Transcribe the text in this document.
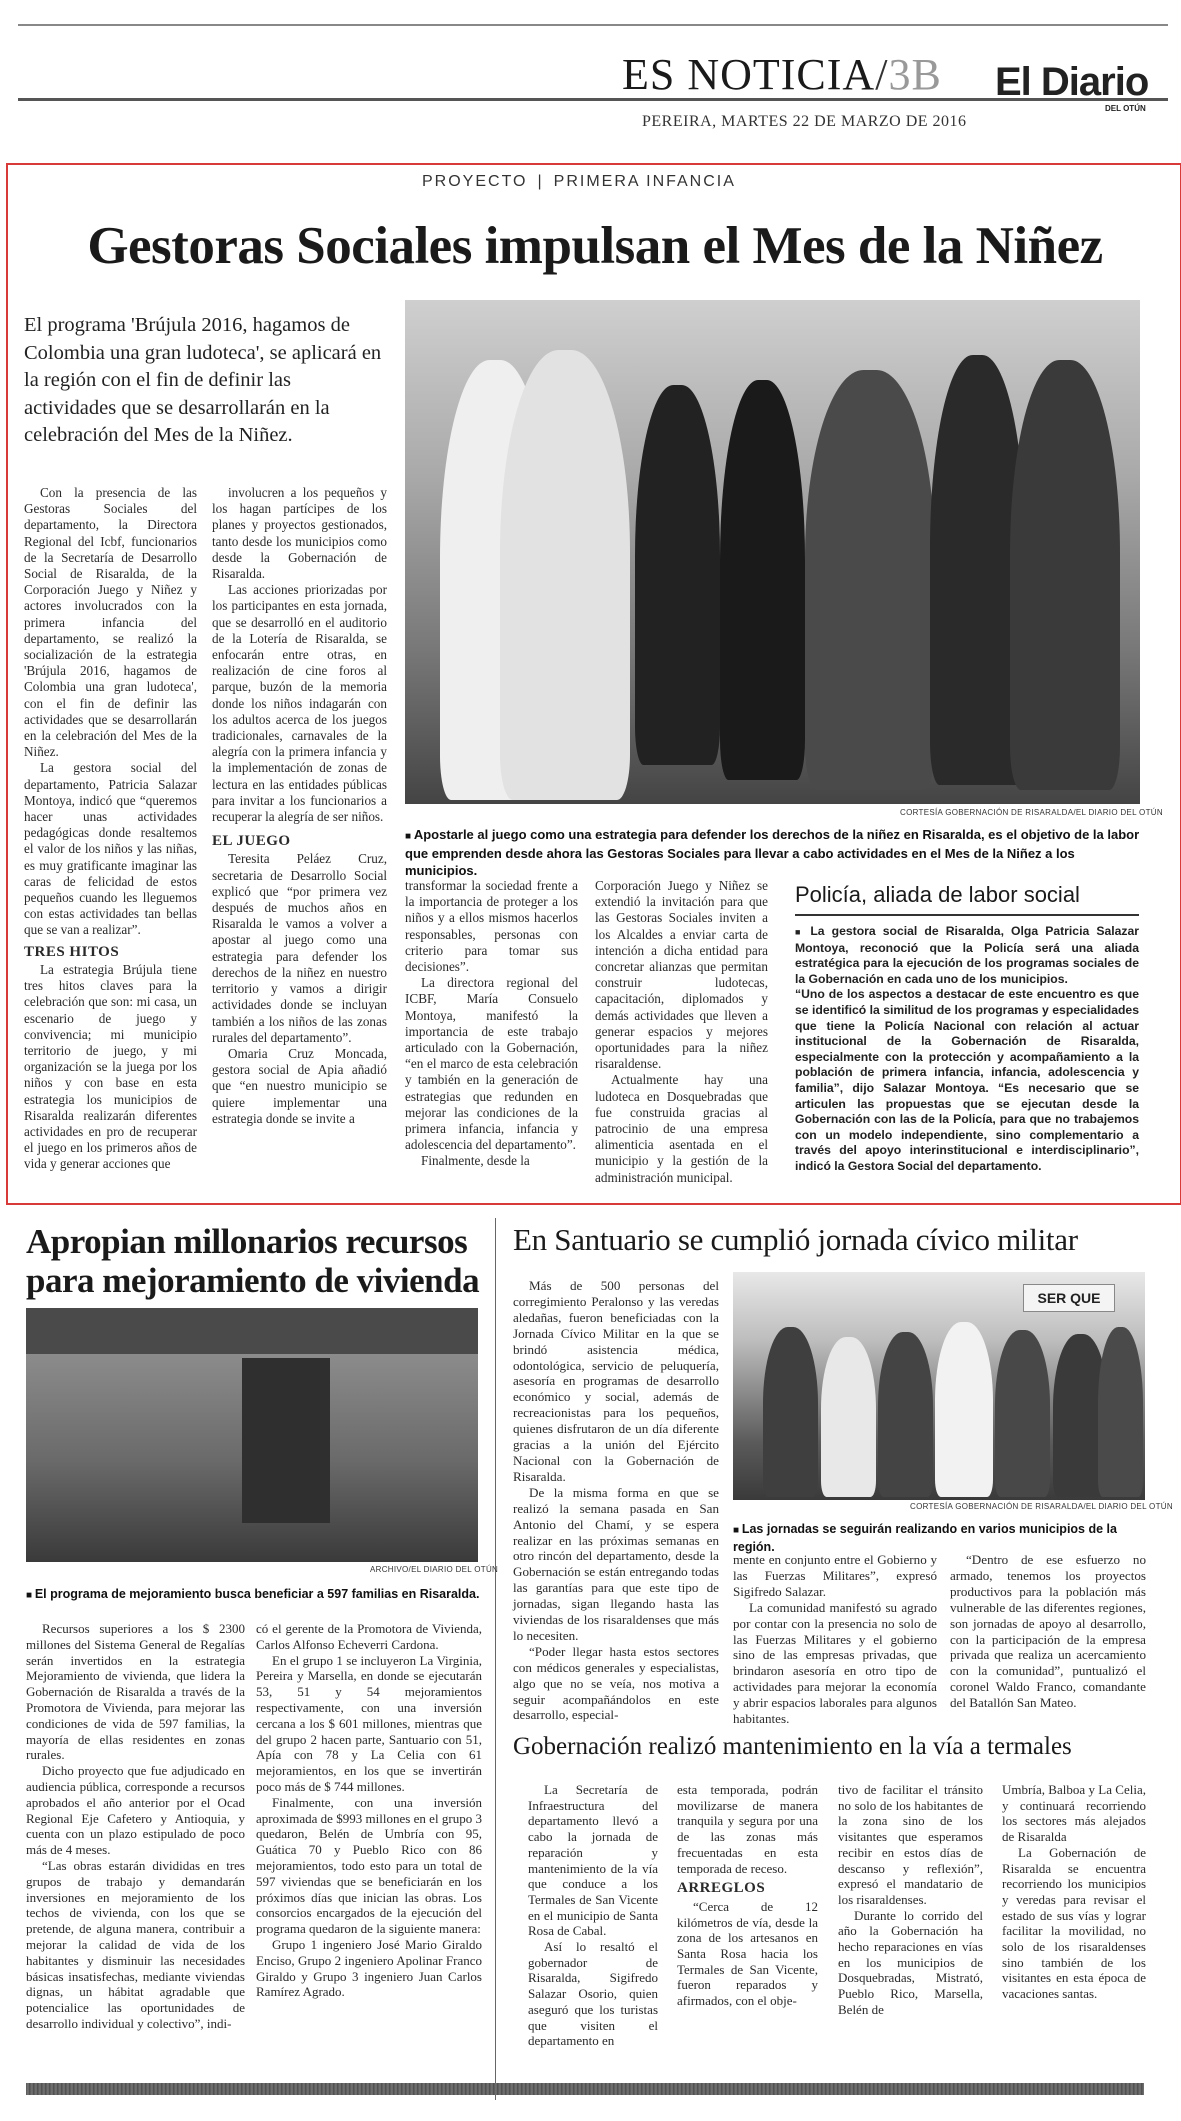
ES NOTICIA/3B El Diario
DEL OTÚN
PEREIRA, MARTES 22 DE MARZO DE 2016
PROYECTO | PRIMERA INFANCIA
Gestoras Sociales impulsan el Mes de la Niñez
El programa 'Brújula 2016, hagamos de Colombia una gran ludoteca', se aplicará en la región con el fin de definir las actividades que se desarrollarán en la celebración del Mes de la Niñez.

Con la presencia de las Gestoras Sociales del departamento, la Directora Regional del Icbf, funcionarios de la Secretaría de Desarrollo Social de Risaralda, de la Corporación Juego y Niñez y actores involucrados con la primera infancia del departamento, se realizó la socialización de la estrategia 'Brújula 2016, hagamos de Colombia una gran ludoteca', con el fin de definir las actividades que se desarrollarán en la celebración del Mes de la Niñez.

La gestora social del departamento, Patricia Salazar Montoya, indicó que “queremos hacer unas actividades pedagógicas donde resaltemos el valor de los niños y las niñas, es muy gratificante imaginar las caras de felicidad de estos pequeños cuando les lleguemos con estas actividades tan bellas que se van a realizar”.

TRES HITOS

La estrategia Brújula tiene tres hitos claves para la celebración que son: mi casa, un escenario de juego y convivencia; mi municipio territorio de juego, y mi organización se la juega por los niños y con base en esta estrategia los municipios de Risaralda realizarán diferentes actividades en pro de recuperar el juego en los primeros años de vida y generar acciones que

involucren a los pequeños y los hagan partícipes de los planes y proyectos gestionados, tanto desde los municipios como desde la Gobernación de Risaralda.

Las acciones priorizadas por los participantes en esta jornada, que se desarrolló en el auditorio de la Lotería de Risaralda, se enfocarán entre otras, en realización de cine foros al parque, buzón de la memoria donde los niños indagarán con los adultos acerca de los juegos tradicionales, carnavales de la alegría con la primera infancia y la implementación de zonas de lectura en las entidades públicas para invitar a los funcionarios a recuperar la alegría de ser niños.

EL JUEGO

Teresita Peláez Cruz, secretaria de Desarrollo Social explicó que “por primera vez después de muchos años en Risaralda le vamos a volver a apostar al juego como una estrategia para defender los derechos de la niñez en nuestro territorio y vamos a dirigir actividades donde se incluyan también a los niños de las zonas rurales del departamento”.

Omaria Cruz Moncada, gestora social de Apia añadió que “en nuestro municipio se quiere implementar una estrategia donde se invite a

CORTESÍA GOBERNACIÓN DE RISARALDA/EL DIARIO DEL OTÚN
■ Apostarle al juego como una estrategia para defender los derechos de la niñez en Risaralda, es el objetivo de la labor que emprenden desde ahora las Gestoras Sociales para llevar a cabo actividades en el Mes de la Niñez a los municipios.

transformar la sociedad frente a la importancia de proteger a los niños y a ellos mismos hacerlos responsables, personas con criterio para tomar sus decisiones”.

La directora regional del ICBF, María Consuelo Montoya, manifestó la importancia de este trabajo articulado con la Gobernación, “en el marco de esta celebración y también en la generación de estrategias que redunden en mejorar las condiciones de la primera infancia, infancia y adolescencia del departamento”.

Finalmente, desde la

Corporación Juego y Niñez se extendió la invitación para que las Gestoras Sociales inviten a los Alcaldes a enviar carta de intención a dicha entidad para concretar alianzas que permitan construir ludotecas, capacitación, diplomados y demás actividades que lleven a generar espacios y mejores oportunidades para la niñez risaraldense.

Actualmente hay una ludoteca en Dosquebradas que fue construida gracias al patrocinio de una empresa alimenticia asentada en el municipio y la gestión de la administración municipal.

Policía, aliada de labor social
■ La gestora social de Risaralda, Olga Patricia Salazar Montoya, reconoció que la Policía será una aliada estratégica para la ejecución de los programas sociales de la Gobernación en cada uno de los municipios.
“Uno de los aspectos a destacar de este encuentro es que se identificó la similitud de los programas y especialidades que tiene la Policía Nacional con relación al actuar institucional de la Gobernación de Risaralda, especialmente con la protección y acompañamiento a la población de primera infancia, infancia, adolescencia y familia”, dijo Salazar Montoya. “Es necesario que se articulen las propuestas que se ejecutan desde la Gobernación con las de la Policía, para que no trabajemos con un modelo independiente, sino complementario a través del apoyo interinstitucional e interdisciplinario”, indicó la Gestora Social del departamento.
Apropian millonarios recursos para mejoramiento de vivienda
ARCHIVO/EL DIARIO DEL OTÚN
■ El programa de mejoramiento busca beneficiar a 597 familias en Risaralda.

Recursos superiores a los $ 2300 millones del Sistema General de Regalías serán invertidos en la estrategia Mejoramiento de vivienda, que lidera la Gobernación de Risaralda a través de la Promotora de Vivienda, para mejorar las condiciones de vida de 597 familias, la mayoría de ellas residentes en zonas rurales.

Dicho proyecto que fue adjudicado en audiencia pública, corresponde a recursos aprobados el año anterior por el Ocad Regional Eje Cafetero y Antioquia, y cuenta con un plazo estipulado de poco más de 4 meses.

“Las obras estarán divididas en tres grupos de trabajo y demandarán inversiones en mejoramiento de los techos de vivienda, con los que se pretende, de alguna manera, contribuir a mejorar la calidad de vida de los habitantes y disminuir las necesidades básicas insatisfechas, mediante viviendas dignas, un hábitat agradable que potencialice las oportunidades de desarrollo individual y colectivo”, indi-

có el gerente de la Promotora de Vivienda, Carlos Alfonso Echeverri Cardona.

En el grupo 1 se incluyeron La Virginia, Pereira y Marsella, en donde se ejecutarán 53, 51 y 54 mejoramientos respectivamente, con una inversión cercana a los $ 601 millones, mientras que del grupo 2 hacen parte, Santuario con 51, Apía con 78 y La Celia con 61 mejoramientos, en los que se invertirán poco más de $ 744 millones.

Finalmente, con una inversión aproximada de $993 millones en el grupo 3 quedaron, Belén de Umbría con 95, Guática 70 y Pueblo Rico con 86 mejoramientos, todo esto para un total de 597 viviendas que se beneficiarán en los próximos días que inician las obras. Los consorcios encargados de la ejecución del programa quedaron de la siguiente manera:

Grupo 1 ingeniero José Mario Giraldo Enciso, Grupo 2 ingeniero Apolinar Franco Giraldo y Grupo 3 ingeniero Juan Carlos Ramírez Agrado.

En Santuario se cumplió jornada cívico militar

Más de 500 personas del corregimiento Peralonso y las veredas aledañas, fueron beneficiadas con la Jornada Cívico Militar en la que se brindó asistencia médica, odontológica, servicio de peluquería, asesoría en programas de desarrollo económico y social, además de recreacionistas para los pequeños, quienes disfrutaron de un día diferente gracias a la unión del Ejército Nacional con la Gobernación de Risaralda.

De la misma forma en que se realizó la semana pasada en San Antonio del Chamí, y se espera realizar en las próximas semanas en otro rincón del departamento, desde la Gobernación se están entregando todas las garantías para que este tipo de jornadas, sigan llegando hasta las viviendas de los risaraldenses que más lo necesiten.

“Poder llegar hasta estos sectores con médicos generales y especialistas, algo que no se veía, nos motiva a seguir acompañándolos en este desarrollo, especial-

SER QUE
CORTESÍA GOBERNACIÓN DE RISARALDA/EL DIARIO DEL OTÚN
■ Las jornadas se seguirán realizando en varios municipios de la región.

mente en conjunto entre el Gobierno y las Fuerzas Militares”, expresó Sigifredo Salazar.

La comunidad manifestó su agrado por contar con la presencia no solo de las Fuerzas Militares y el gobierno sino de las empresas privadas, que brindaron asesoría en otro tipo de actividades para mejorar la economía y abrir espacios laborales para algunos habitantes.

“Dentro de ese esfuerzo no armado, tenemos los proyectos productivos para la población más vulnerable de las diferentes regiones, son jornadas de apoyo al desarrollo, con la participación de la empresa privada que realiza un acercamiento con la comunidad”, puntualizó el coronel Waldo Franco, comandante del Batallón San Mateo.

Gobernación realizó mantenimiento en la vía a termales

La Secretaría de Infraestructura del departamento llevó a cabo la jornada de reparación y mantenimiento de la vía que conduce a los Termales de San Vicente en el municipio de Santa Rosa de Cabal.

Así lo resaltó el gobernador de Risaralda, Sigifredo Salazar Osorio, quien aseguró que los turistas que visiten el departamento en

esta temporada, podrán movilizarse de manera tranquila y segura por una de las zonas más frecuentadas en esta temporada de receso.

ARREGLOS

“Cerca de 12 kilómetros de vía, desde la zona de los artesanos en Santa Rosa hacia los Termales de San Vicente, fueron reparados y afirmados, con el obje-

tivo de facilitar el tránsito no solo de los habitantes de la zona sino de los visitantes que esperamos recibir en estos días de descanso y reflexión”, expresó el mandatario de los risaraldenses.

Durante lo corrido del año la Gobernación ha hecho reparaciones en vías en los municipios de Dosquebradas, Mistrató, Pueblo Rico, Marsella, Belén de

Umbría, Balboa y La Celia, y continuará recorriendo los sectores más alejados de Risaralda

La Gobernación de Risaralda se encuentra recorriendo los municipios y veredas para revisar el estado de sus vías y lograr facilitar la movilidad, no solo de los risaraldenses sino también de los visitantes en esta época de vacaciones santas.
